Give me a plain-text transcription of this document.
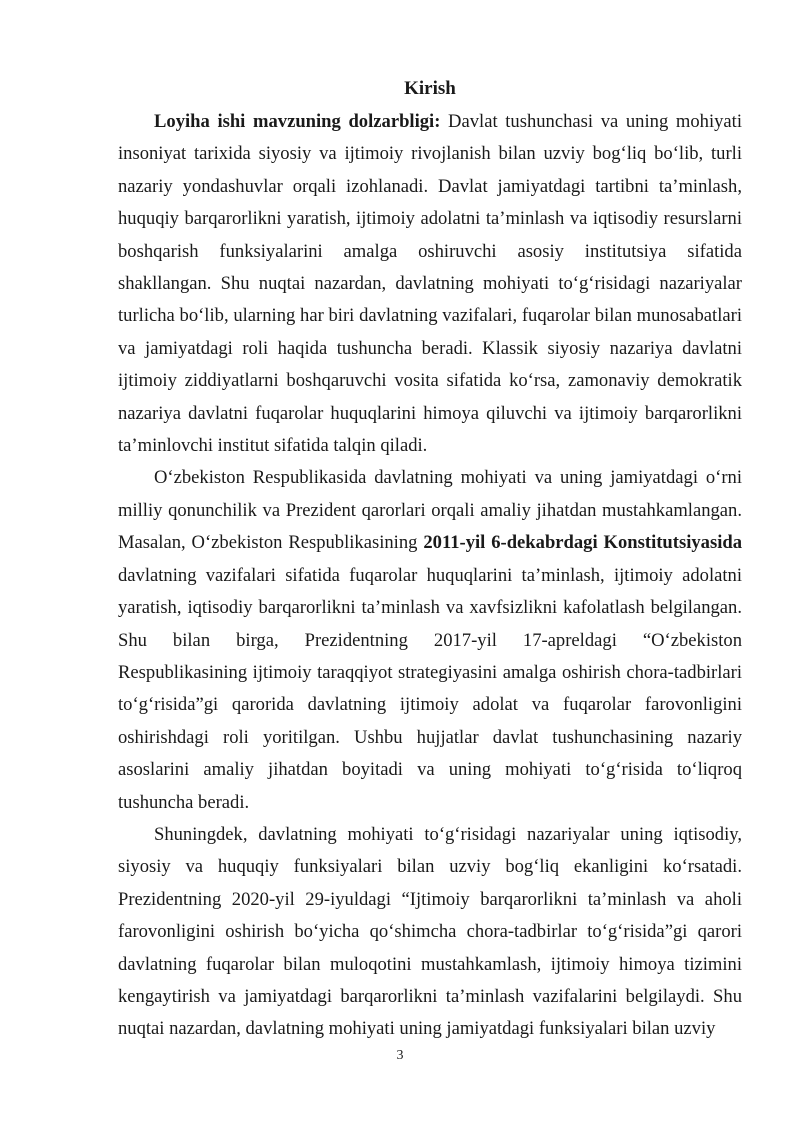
Kirish

Loyiha ishi mavzuning dolzarbligi: Davlat tushunchasi va uning mohiyati insoniyat tarixida siyosiy va ijtimoiy rivojlanish bilan uzviy bog‘liq bo‘lib, turli nazariy yondashuvlar orqali izohlanadi. Davlat jamiyatdagi tartibni ta’minlash, huquqiy barqarorlikni yaratish, ijtimoiy adolatni ta’minlash va iqtisodiy resurslarni boshqarish funksiyalarini amalga oshiruvchi asosiy institutsiya sifatida shakllangan. Shu nuqtai nazardan, davlatning mohiyati to‘g‘risidagi nazariyalar turlicha bo‘lib, ularning har biri davlatning vazifalari, fuqarolar bilan munosabatlari va jamiyatdagi roli haqida tushuncha beradi. Klassik siyosiy nazariya davlatni ijtimoiy ziddiyatlarni boshqaruvchi vosita sifatida ko‘rsa, zamonaviy demokratik nazariya davlatni fuqarolar huquqlarini himoya qiluvchi va ijtimoiy barqarorlikni ta’minlovchi institut sifatida talqin qiladi.

O‘zbekiston Respublikasida davlatning mohiyati va uning jamiyatdagi o‘rni milliy qonunchilik va Prezident qarorlari orqali amaliy jihatdan mustahkamlangan. Masalan, O‘zbekiston Respublikasining 2011-yil 6-dekabrdagi Konstitutsiyasida davlatning vazifalari sifatida fuqarolar huquqlarini ta’minlash, ijtimoiy adolatni yaratish, iqtisodiy barqarorlikni ta’minlash va xavfsizlikni kafolatlash belgilangan. Shu bilan birga, Prezidentning 2017-yil 17-apreldagi “O‘zbekiston Respublikasining ijtimoiy taraqqiyot strategiyasini amalga oshirish chora-tadbirlari to‘g‘risida”gi qarorida davlatning ijtimoiy adolat va fuqarolar farovonligini oshirishdagi roli yoritilgan. Ushbu hujjatlar davlat tushunchasining nazariy asoslarini amaliy jihatdan boyitadi va uning mohiyati to‘g‘risida to‘liqroq tushuncha beradi.

Shuningdek, davlatning mohiyati to‘g‘risidagi nazariyalar uning iqtisodiy, siyosiy va huquqiy funksiyalari bilan uzviy bog‘liq ekanligini ko‘rsatadi. Prezidentning 2020-yil 29-iyuldagi “Ijtimoiy barqarorlikni ta’minlash va aholi farovonligini oshirish bo‘yicha qo‘shimcha chora-tadbirlar to‘g‘risida”gi qarori davlatning fuqarolar bilan muloqotini mustahkamlash, ijtimoiy himoya tizimini kengaytirish va jamiyatdagi barqarorlikni ta’minlash vazifalarini belgilaydi. Shu nuqtai nazardan, davlatning mohiyati uning jamiyatdagi funksiyalari bilan uzviy

3
